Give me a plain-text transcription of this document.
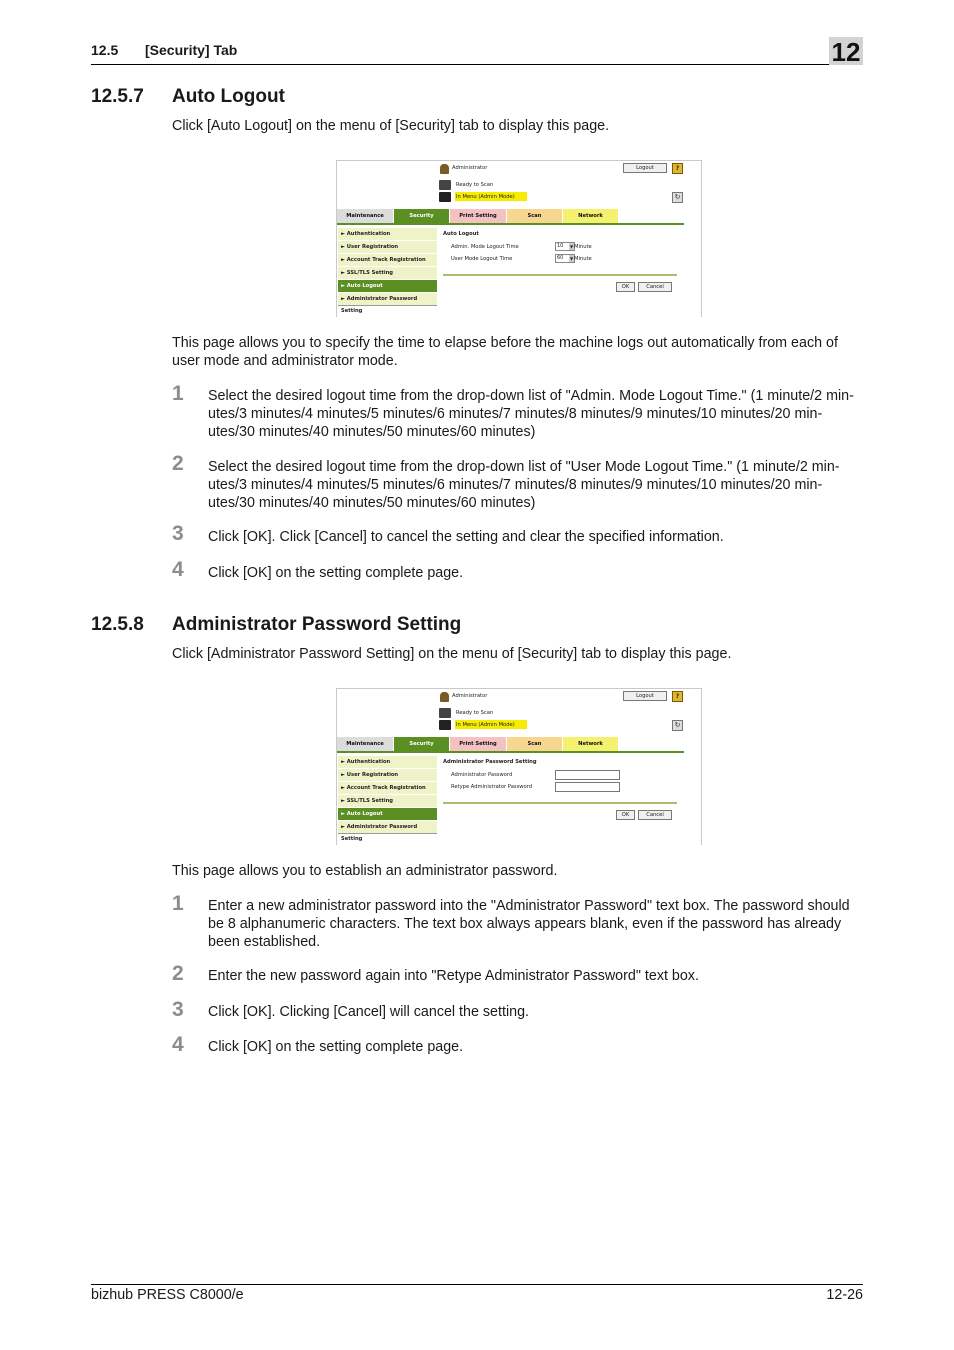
12.5 [Security] Tab	12
12.5.7 Auto Logout

Click [Auto Logout] on the menu of [Security] tab to display this page.

Administrator	Logout	?
Ready to Scan
In Menu (Admin Mode)	↻
Maintenance	Security	Print Setting	Scan	Network
► Authentication
► User Registration
► Account Track Registration
► SSL/TLS Setting
► Auto Logout
► Administrator Password Setting
Auto Logout
Admin. Mode Logout Time	10 ▼ Minute
User Mode Logout Time	60 ▼ Minute
OK	Cancel

This page allows you to specify the time to elapse before the machine logs out automatically from each of user mode and administrator mode.

1 Select the desired logout time from the drop-down list of "Admin. Mode Logout Time." (1 minute/2 min-utes/3 minutes/4 minutes/5 minutes/6 minutes/7 minutes/8 minutes/9 minutes/10 minutes/20 min-utes/30 minutes/40 minutes/50 minutes/60 minutes)

2 Select the desired logout time from the drop-down list of "User Mode Logout Time." (1 minute/2 min-utes/3 minutes/4 minutes/5 minutes/6 minutes/7 minutes/8 minutes/9 minutes/10 minutes/20 min-utes/30 minutes/40 minutes/50 minutes/60 minutes)

3 Click [OK]. Click [Cancel] to cancel the setting and clear the specified information.

4 Click [OK] on the setting complete page.

12.5.8 Administrator Password Setting

Click [Administrator Password Setting] on the menu of [Security] tab to display this page.

Administrator	Logout	?
Ready to Scan
In Menu (Admin Mode)	↻
Maintenance	Security	Print Setting	Scan	Network
► Authentication
► User Registration
► Account Track Registration
► SSL/TLS Setting
► Auto Logout
► Administrator Password Setting
Administrator Password Setting
Administrator Password
Retype Administrator Password
OK	Cancel

This page allows you to establish an administrator password.

1 Enter a new administrator password into the "Administrator Password" text box. The password should be 8 alphanumeric characters. The text box always appears blank, even if the password has already been established.

2 Enter the new password again into "Retype Administrator Password" text box.

3 Click [OK]. Clicking [Cancel] will cancel the setting.

4 Click [OK] on the setting complete page.

bizhub PRESS C8000/e	12-26
